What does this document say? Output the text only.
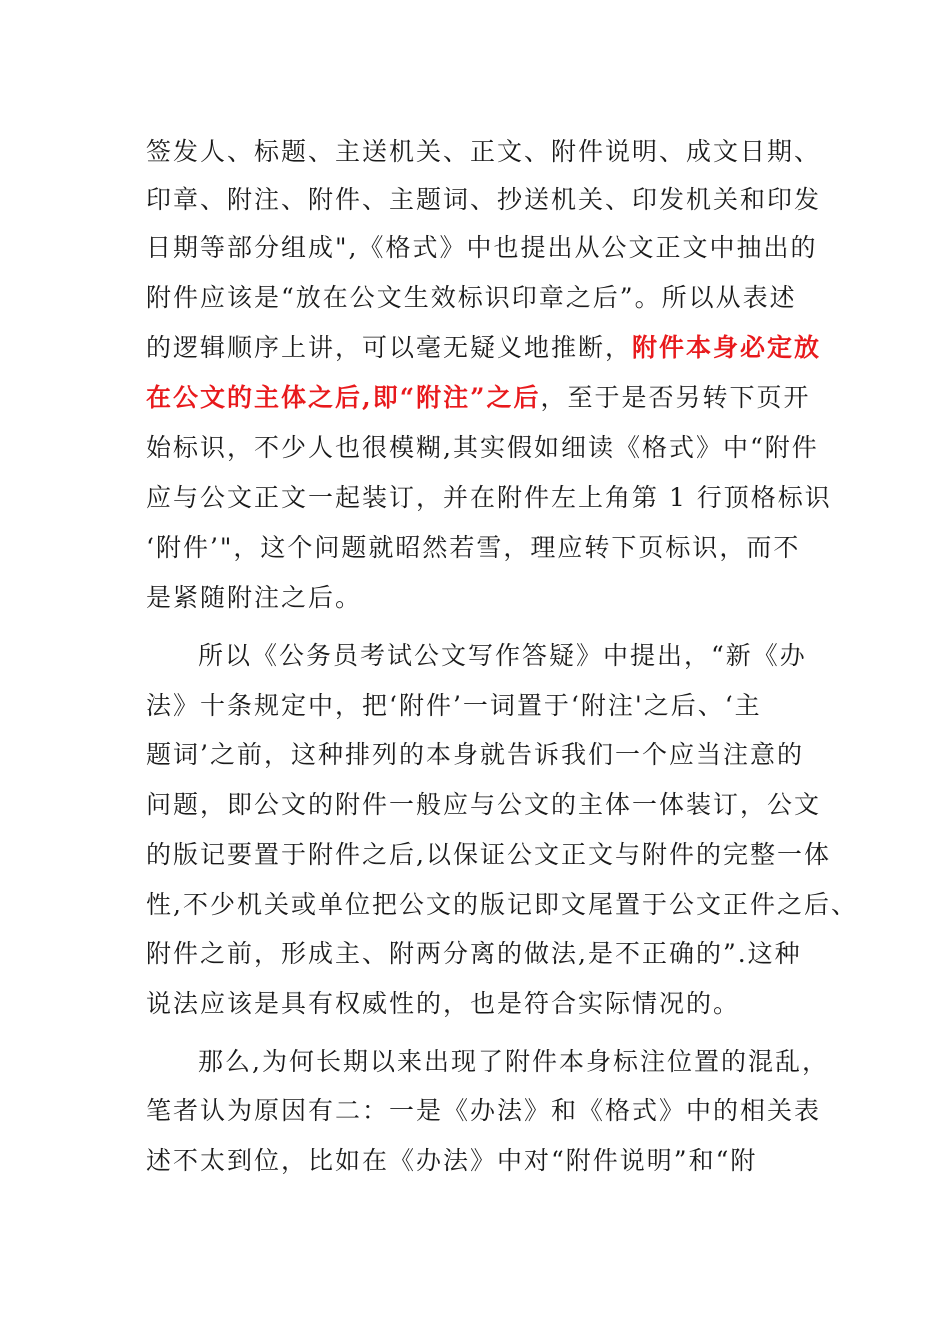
签发人、标题、主送机关、正文、附件说明、成文日期、
印章、附注、附件、主题词、抄送机关、印发机关和印发
日期等部分组成",《格式》中也提出从公文正文中抽出的
附件应该是“放在公文生效标识印章之后”。所以从表述
的逻辑顺序上讲，可以毫无疑义地推断，附件本身必定放
在公文的主体之后,即“附注”之后，至于是否另转下页开
始标识，不少人也很模糊,其实假如细读《格式》中“附件
应与公文正文一起装订，并在附件左上角第 1 行顶格标识
‘附件’"，这个问题就昭然若雪，理应转下页标识，而不
是紧随附注之后。
所以《公务员考试公文写作答疑》中提出，“新《办
法》十条规定中，把‘附件’一词置于‘附注'之后、‘主
题词’之前，这种排列的本身就告诉我们一个应当注意的
问题，即公文的附件一般应与公文的主体一体装订，公文
的版记要置于附件之后,以保证公文正文与附件的完整一体
性,不少机关或单位把公文的版记即文尾置于公文正件之后、
附件之前，形成主、附两分离的做法,是不正确的”.这种
说法应该是具有权威性的，也是符合实际情况的。
那么,为何长期以来出现了附件本身标注位置的混乱，
笔者认为原因有二：一是《办法》和《格式》中的相关表
述不太到位，比如在《办法》中对“附件说明”和“附
